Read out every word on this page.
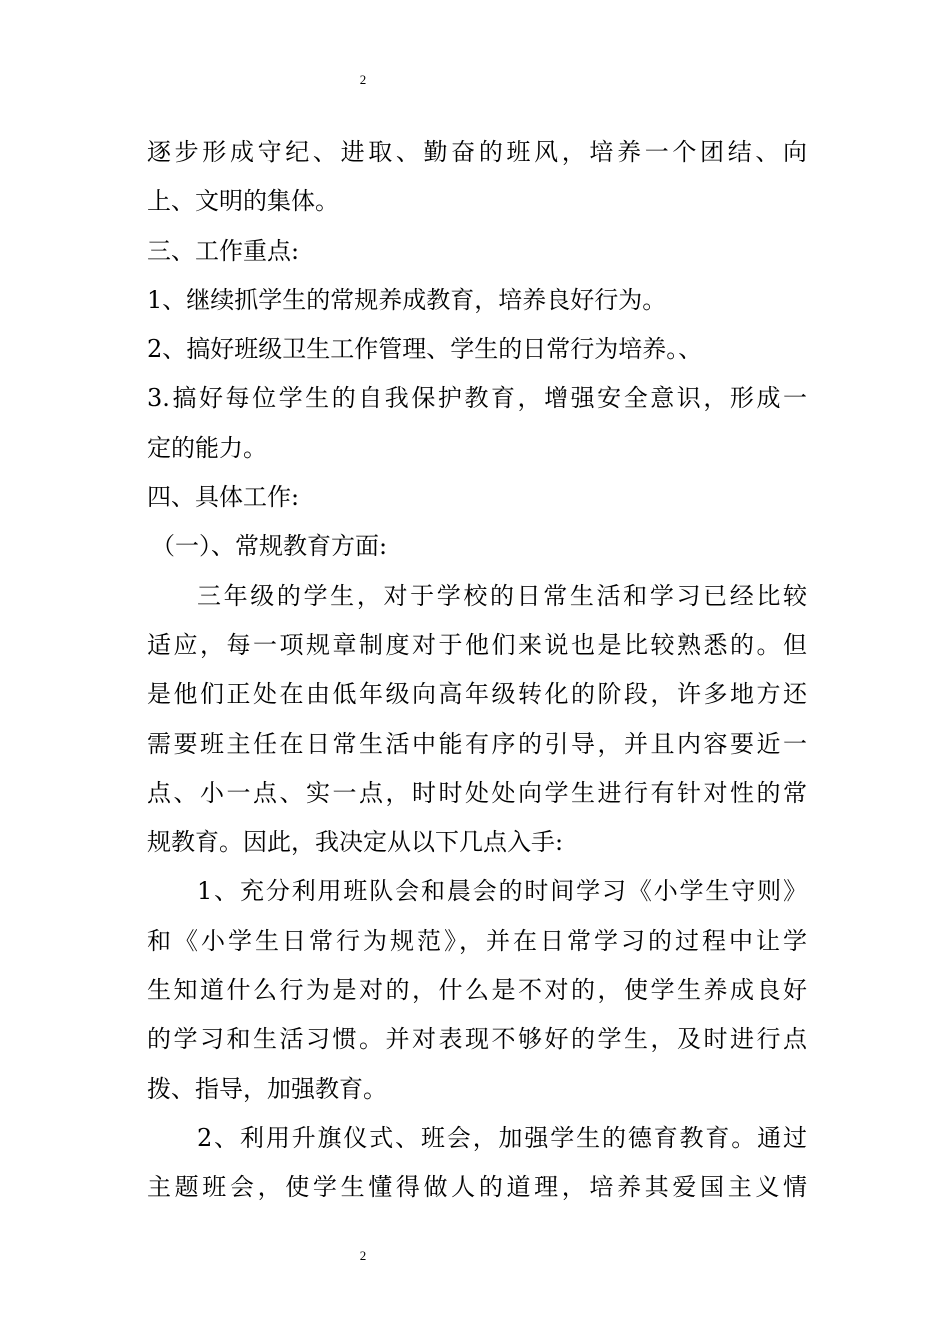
2
逐步形成守纪、进取、勤奋的班风，培养一个团结、向
上、文明的集体。
三、工作重点:
1、继续抓学生的常规养成教育，培养良好行为。
2、搞好班级卫生工作管理、学生的日常行为培养。、
3.搞好每位学生的自我保护教育，增强安全意识，形成一
定的能力。
四、具体工作:
（一）、常规教育方面:
三年级的学生，对于学校的日常生活和学习已经比较
适应，每一项规章制度对于他们来说也是比较熟悉的。但
是他们正处在由低年级向高年级转化的阶段，许多地方还
需要班主任在日常生活中能有序的引导，并且内容要近一
点、小一点、实一点，时时处处向学生进行有针对性的常
规教育。因此，我决定从以下几点入手:
1、充分利用班队会和晨会的时间学习《小学生守则》
和《小学生日常行为规范》，并在日常学习的过程中让学
生知道什么行为是对的，什么是不对的，使学生养成良好
的学习和生活习惯。并对表现不够好的学生，及时进行点
拨、指导，加强教育。
2、利用升旗仪式、班会，加强学生的德育教育。通过
主题班会，使学生懂得做人的道理，培养其爱国主义情
2
